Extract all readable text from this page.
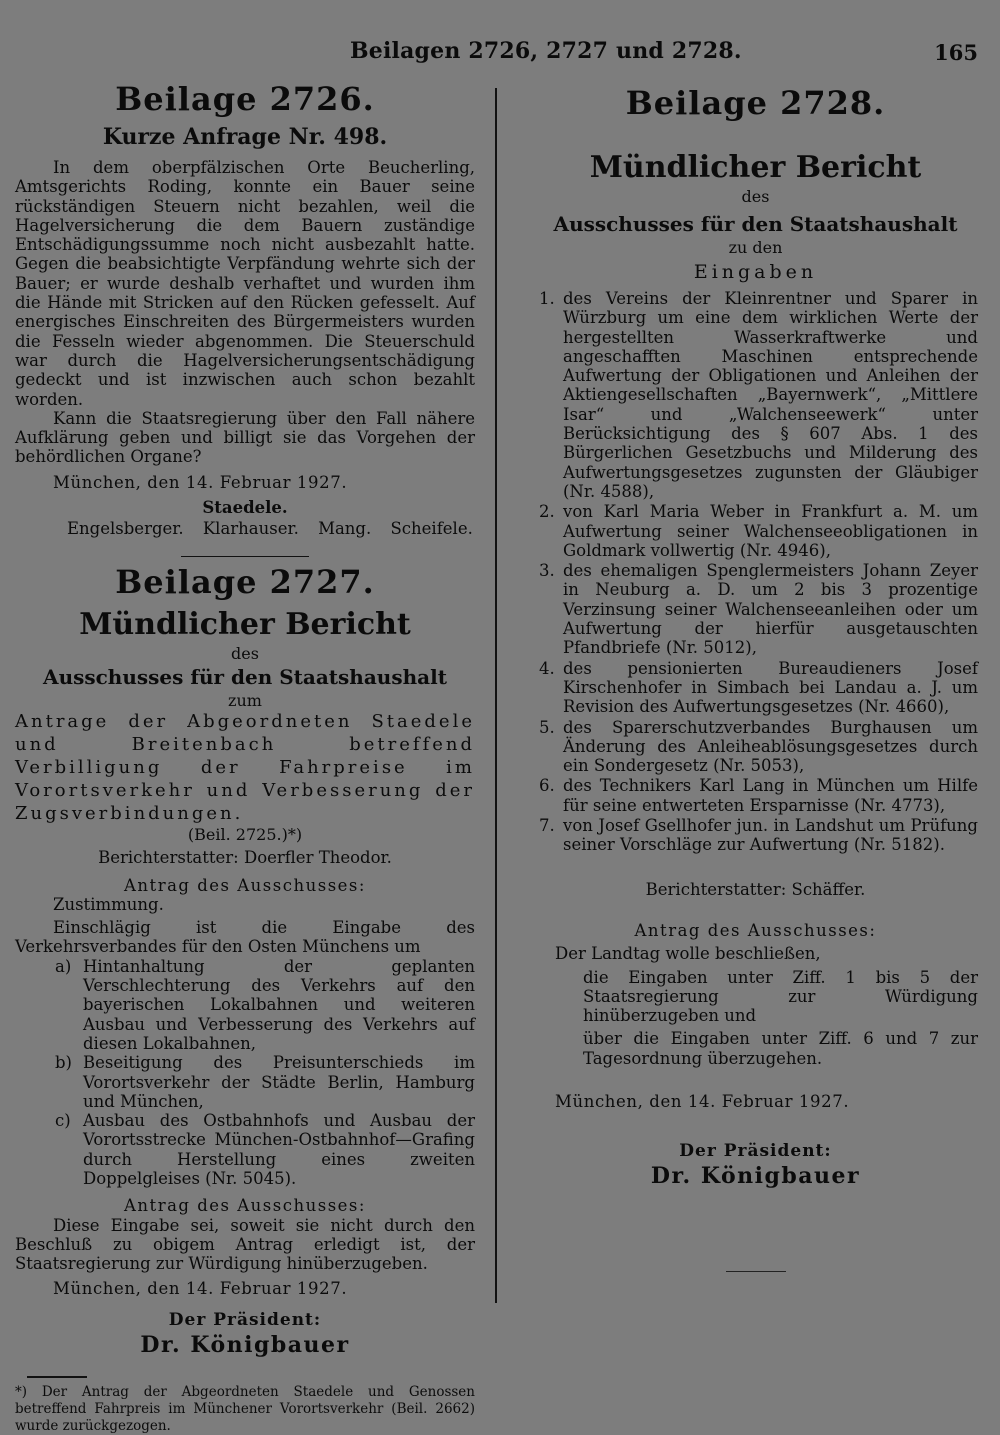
Beilagen 2726, 2727 und 2728.	165
Beilage 2726.
Kurze Anfrage Nr. 498.

In dem oberpfälzischen Orte Beucherling, Amtsgerichts Roding, konnte ein Bauer seine rückständigen Steuern nicht bezahlen, weil die Hagelversicherung die dem Bauern zuständige Entschädigungssumme noch nicht ausbezahlt hatte. Gegen die beabsichtigte Verpfändung wehrte sich der Bauer; er wurde deshalb verhaftet und wurden ihm die Hände mit Stricken auf den Rücken gefesselt. Auf energisches Einschreiten des Bürgermeisters wurden die Fesseln wieder abgenommen. Die Steuerschuld war durch die Hagelversicherungsentschädigung gedeckt und ist inzwischen auch schon bezahlt worden.

Kann die Staatsregierung über den Fall nähere Aufklärung geben und billigt sie das Vorgehen der behördlichen Organe?

München, den 14. Februar 1927.
Staedele.
Engelsberger. Klarhauser. Mang. Scheifele.
Beilage 2727.
Mündlicher Bericht
des
Ausschusses für den Staatshaushalt
zum

Antrage der Abgeordneten Staedele und Breitenbach betreffend Verbilligung der Fahrpreise im Vorortsverkehr und Verbesserung der Zugsverbindungen.

(Beil. 2725.)*)

Berichterstatter: Doerfler Theodor.

Antrag des Ausschusses:

Zustimmung.

Einschlägig ist die Eingabe des Verkehrsverbandes für den Osten Münchens um

a) Hintanhaltung der geplanten Verschlechterung des Verkehrs auf den bayerischen Lokalbahnen und weiteren Ausbau und Verbesserung des Verkehrs auf diesen Lokalbahnen,
b) Beseitigung des Preisunterschieds im Vorortsverkehr der Städte Berlin, Hamburg und München,
c) Ausbau des Ostbahnhofs und Ausbau der Vorortsstrecke München-Ostbahnhof—Grafing durch Herstellung eines zweiten Doppelgleises (Nr. 5045).

Antrag des Ausschusses:

Diese Eingabe sei, soweit sie nicht durch den Beschluß zu obigem Antrag erledigt ist, der Staatsregierung zur Würdigung hinüberzugeben.

München, den 14. Februar 1927.
Der Präsident:
Dr. Königbauer

*) Der Antrag der Abgeordneten Staedele und Genossen betreffend Fahrpreis im Münchener Vorortsverkehr (Beil. 2662) wurde zurückgezogen.

Beilage 2728.
Mündlicher Bericht
des
Ausschusses für den Staatshaushalt
zu den
Eingaben
1. des Vereins der Kleinrentner und Sparer in Würzburg um eine dem wirklichen Werte der hergestellten Wasserkraftwerke und angeschafften Maschinen entsprechende Aufwertung der Obligationen und Anleihen der Aktiengesellschaften „Bayernwerk“, „Mittlere Isar“ und „Walchenseewerk“ unter Berücksichtigung des § 607 Abs. 1 des Bürgerlichen Gesetzbuchs und Milderung des Aufwertungsgesetzes zugunsten der Gläubiger (Nr. 4588),
2. von Karl Maria Weber in Frankfurt a. M. um Aufwertung seiner Walchenseeobligationen in Goldmark vollwertig (Nr. 4946),
3. des ehemaligen Spenglermeisters Johann Zeyer in Neuburg a. D. um 2 bis 3 prozentige Verzinsung seiner Walchenseeanleihen oder um Aufwertung der hierfür ausgetauschten Pfandbriefe (Nr. 5012),
4. des pensionierten Bureaudieners Josef Kirschenhofer in Simbach bei Landau a. J. um Revision des Aufwertungsgesetzes (Nr. 4660),
5. des Sparerschutzverbandes Burghausen um Änderung des Anleiheablösungsgesetzes durch ein Sondergesetz (Nr. 5053),
6. des Technikers Karl Lang in München um Hilfe für seine entwerteten Ersparnisse (Nr. 4773),
7. von Josef Gsellhofer jun. in Landshut um Prüfung seiner Vorschläge zur Aufwertung (Nr. 5182).

Berichterstatter: Schäffer.

Antrag des Ausschusses:

Der Landtag wolle beschließen,

die Eingaben unter Ziff. 1 bis 5 der Staatsregierung zur Würdigung hinüberzugeben und

über die Eingaben unter Ziff. 6 und 7 zur Tagesordnung überzugehen.

München, den 14. Februar 1927.
Der Präsident:
Dr. Königbauer
